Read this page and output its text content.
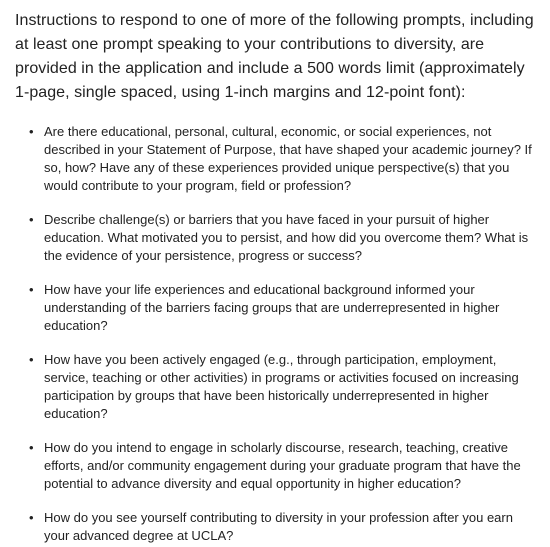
Instructions to respond to one of more of the following prompts, including at least one prompt speaking to your contributions to diversity, are provided in the application and include a 500 words limit (approximately 1-page, single spaced, using 1-inch margins and 12-point font):

• Are there educational, personal, cultural, economic, or social experiences, not described in your Statement of Purpose, that have shaped your academic journey? If so, how? Have any of these experiences provided unique perspective(s) that you would contribute to your program, field or profession?
• Describe challenge(s) or barriers that you have faced in your pursuit of higher education. What motivated you to persist, and how did you overcome them? What is the evidence of your persistence, progress or success?
• How have your life experiences and educational background informed your understanding of the barriers facing groups that are underrepresented in higher education?
• How have you been actively engaged (e.g., through participation, employment, service, teaching or other activities) in programs or activities focused on increasing participation by groups that have been historically underrepresented in higher education?
• How do you intend to engage in scholarly discourse, research, teaching, creative efforts, and/or community engagement during your graduate program that have the potential to advance diversity and equal opportunity in higher education?
• How do you see yourself contributing to diversity in your profession after you earn your advanced degree at UCLA?
